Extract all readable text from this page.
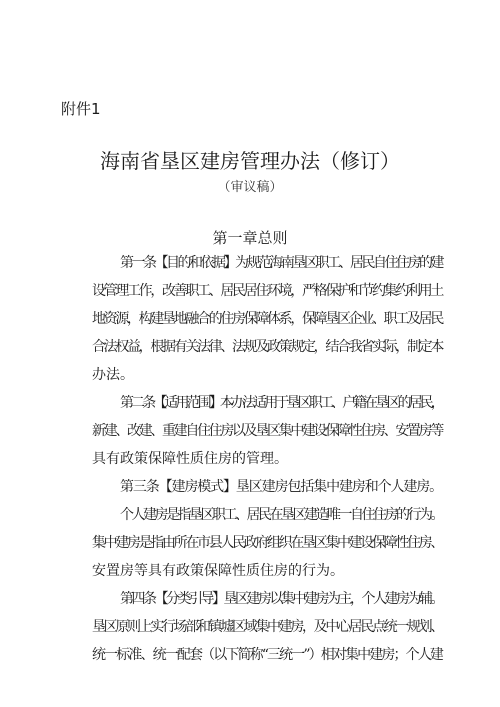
附件1
海南省垦区建房管理办法（修订）
（审议稿）
第一章总则

第一条【目的和依据】为规范海南垦区职工、居民自住住房的建
设管理工作，改善职工、居民居住环境，严格保护和节约集约利用土
地资源，构建垦地融合的住房保障体系，保障垦区企业、职工及居民
合法权益，根据有关法律、法规及政策规定，结合我省实际，制定本
办法。

第二条【适用范围】本办法适用于垦区职工、户籍在垦区的居民，
新建、改建、重建自住住房以及垦区集中建设保障性住房、安置房等
具有政策保障性质住房的管理。

第三条【建房模式】垦区建房包括集中建房和个人建房。

个人建房是指垦区职工、居民在垦区建造唯一自住住房的行为。
集中建房是指由所在市县人民政府组织在垦区集中建设保障性住房、
安置房等具有政策保障性质住房的行为。

第四条【分类引导】垦区建房以集中建房为主，个人建房为辅。
垦区原则上实行场部和镇墟区域集中建房，及中心居民点统一规划、
统一标准、统一配套（以下简称“三统一”）相对集中建房；个人建
